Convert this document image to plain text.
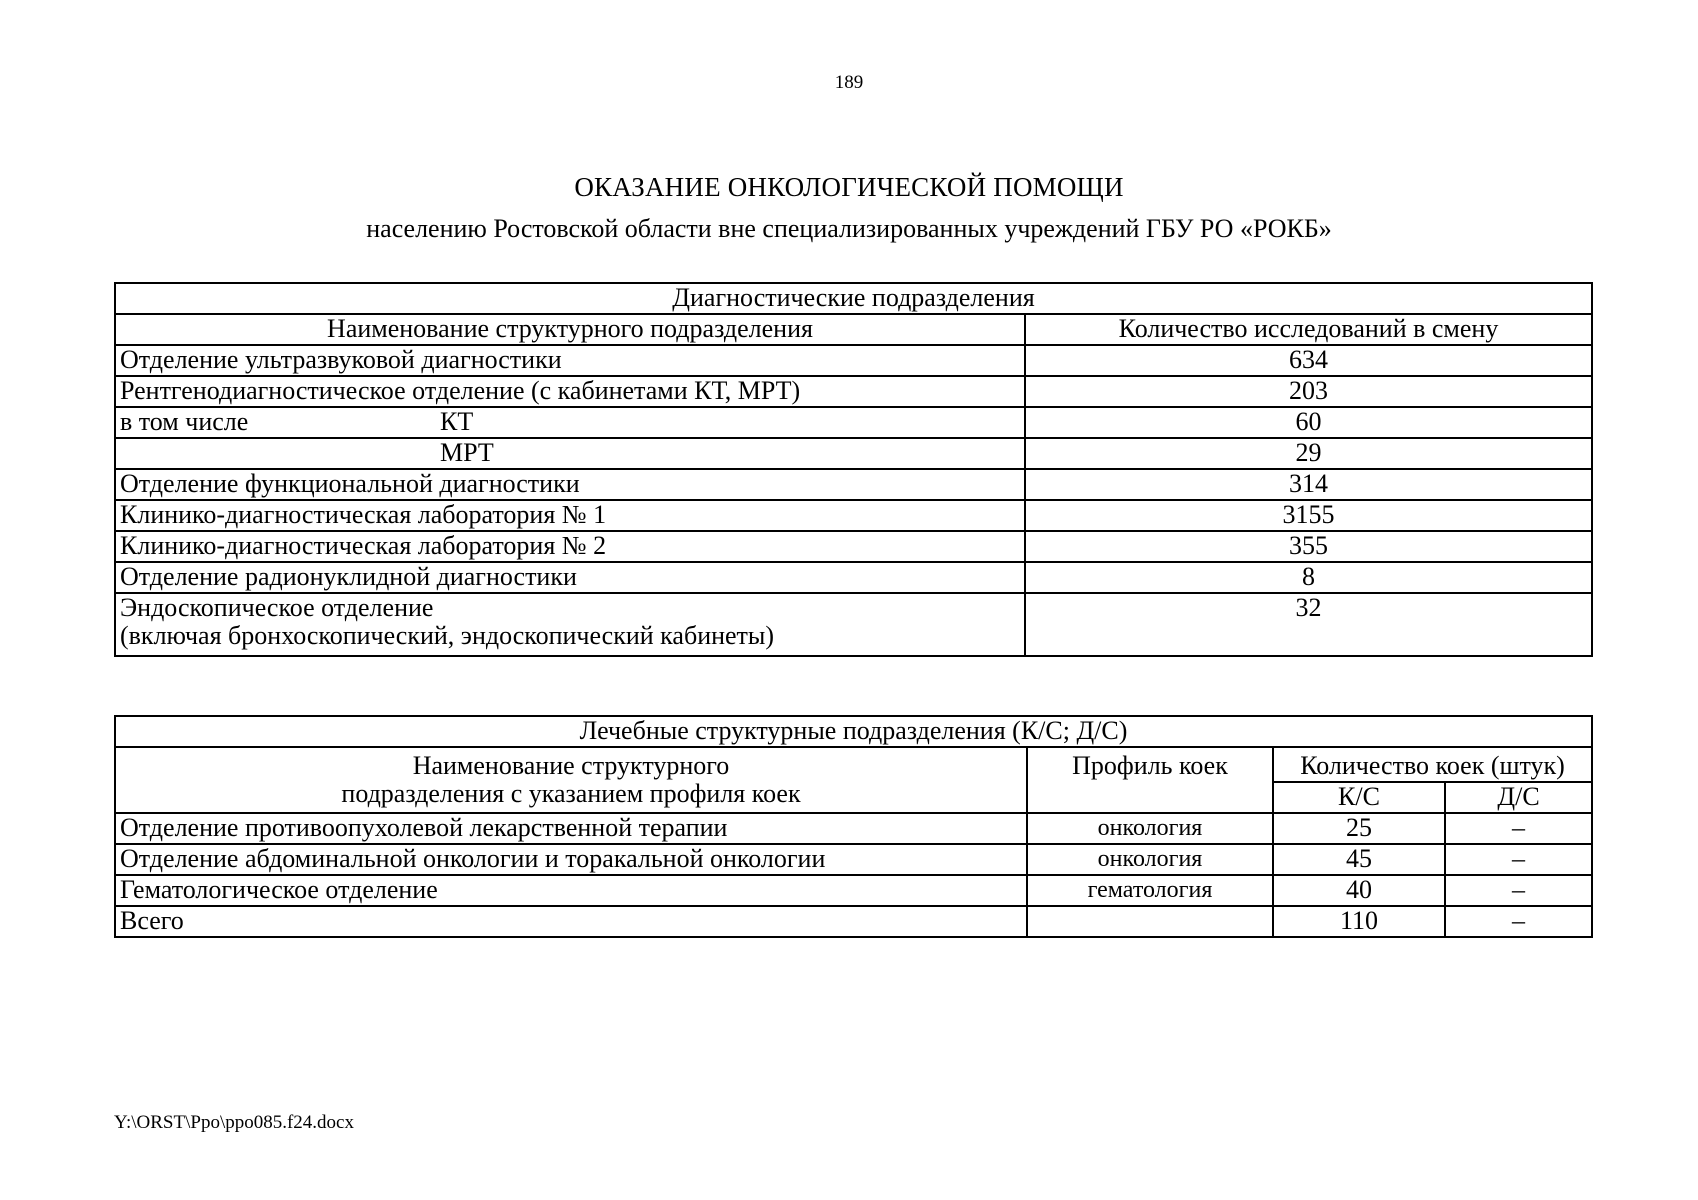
189
ОКАЗАНИЕ ОНКОЛОГИЧЕСКОЙ ПОМОЩИ
населению Ростовской области вне специализированных учреждений ГБУ РО «РОКБ»
Диагностические подразделения	
Наименование структурного подразделения	Количество исследований в смену
Отделение ультразвуковой диагностики	634
Рентгенодиагностическое отделение (с кабинетами КТ, МРТ)	203
в том числе КТ	60
МРТ	29
Отделение функциональной диагностики	314
Клинико-диагностическая лаборатория № 1	3155
Клинико-диагностическая лаборатория № 2	355
Отделение радионуклидной диагностики	8

Эндоскопическое отделение
(включая бронхоскопический, эндоскопический кабинеты)	32
Лечебные структурные подразделения (К/С; Д/С)			

Наименование структурного
подразделения с указанием профиля коек	Профиль коек	Количество коек (штук)	

		К/С	Д/С
Отделение противоопухолевой лекарственной терапии	онкология	25	–
Отделение абдоминальной онкологии и торакальной онкологии	онкология	45	–
Гематологическое отделение	гематология	40	–
Всего		110	–
Y:\ORST\Ppo\ppo085.f24.docx
